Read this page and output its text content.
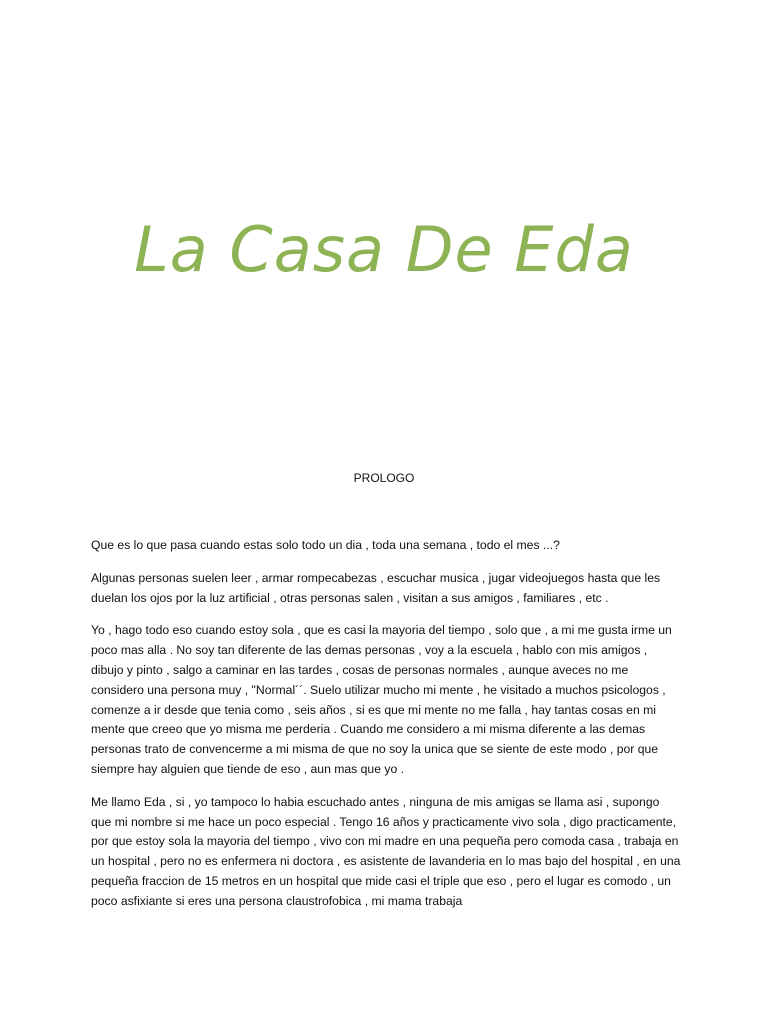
La Casa De Eda
PROLOGO

Que es lo que pasa cuando estas solo todo un dia , toda una semana , todo el mes ...?

Algunas personas suelen leer , armar rompecabezas , escuchar musica , jugar videojuegos hasta que les duelan los ojos por la luz artificial , otras personas salen , visitan a sus amigos , familiares , etc .

Yo , hago todo eso cuando estoy sola , que es casi la mayoria del tiempo , solo que , a mi me gusta irme un poco mas alla . No soy tan diferente de las demas personas , voy a la escuela , hablo con mis amigos , dibujo y pinto , salgo a caminar en las tardes , cosas de personas normales , aunque aveces no me considero una persona muy , "Normal´´. Suelo utilizar mucho mi mente , he visitado a muchos psicologos , comenze a ir desde que tenia como , seis años , si es que mi mente no me falla , hay tantas cosas en mi mente que creeo que yo misma me perderia . Cuando me considero a mi misma diferente a las demas personas trato de convencerme a mi misma de que no soy la unica que se siente de este modo , por que siempre hay alguien que tiende de eso , aun mas que yo .

Me llamo Eda , si , yo tampoco lo habia escuchado antes , ninguna de mis amigas se llama asi , supongo que mi nombre si me hace un poco especial . Tengo 16 años y practicamente vivo sola , digo practicamente, por que estoy sola la mayoria del tiempo , vivo con mi madre en una pequeña pero comoda casa , trabaja en un hospital , pero no es enfermera ni doctora , es asistente de lavanderia en lo mas bajo del hospital , en una pequeña fraccion de 15 metros en un hospital que mide casi el triple que eso , pero el lugar es comodo , un poco asfixiante si eres una persona claustrofobica , mi mama trabaja
